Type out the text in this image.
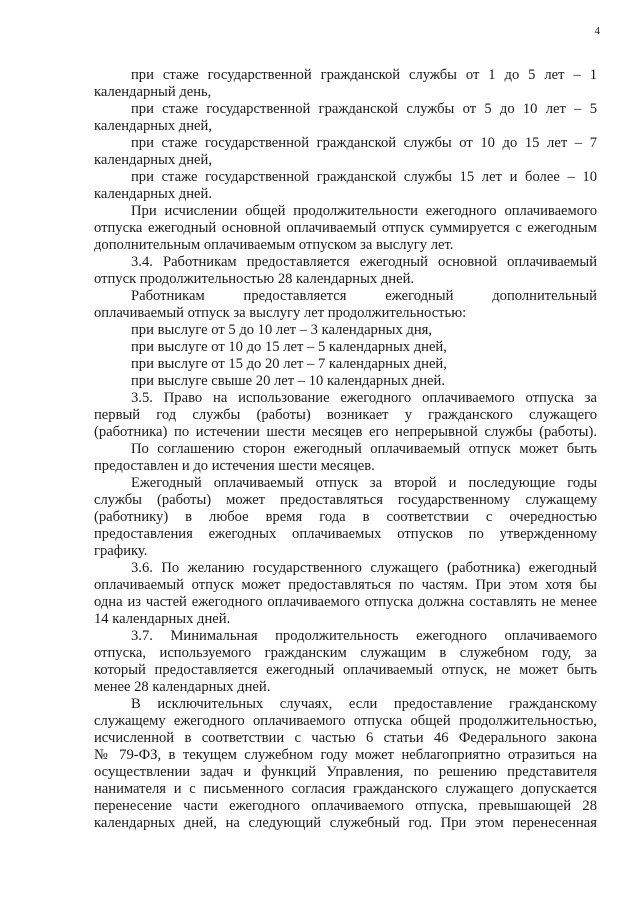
4
при стаже государственной гражданской службы от 1 до 5 лет – 1
календарный день,
при стаже государственной гражданской службы от 5 до 10 лет – 5
календарных дней,
при стаже государственной гражданской службы от 10 до 15 лет – 7
календарных дней,
при стаже государственной гражданской службы 15 лет и более – 10
календарных дней.
При исчислении общей продолжительности ежегодного оплачиваемого
отпуска ежегодный основной оплачиваемый отпуск суммируется с ежегодным
дополнительным оплачиваемым отпуском за выслугу лет.
3.4. Работникам предоставляется ежегодный основной оплачиваемый
отпуск продолжительностью 28 календарных дней.
Работникам предоставляется ежегодный дополнительный
оплачиваемый отпуск за выслугу лет продолжительностью:
при выслуге от 5 до 10 лет – 3 календарных дня,
при выслуге от 10 до 15 лет – 5 календарных дней,
при выслуге от 15 до 20 лет – 7 календарных дней,
при выслуге свыше 20 лет – 10 календарных дней.
3.5. Право на использование ежегодного оплачиваемого отпуска за
первый год службы (работы) возникает у гражданского служащего
(работника) по истечении шести месяцев его непрерывной службы (работы).
По соглашению сторон ежегодный оплачиваемый отпуск может быть
предоставлен и до истечения шести месяцев.
Ежегодный оплачиваемый отпуск за второй и последующие годы
службы (работы) может предоставляться государственному служащему
(работнику) в любое время года в соответствии с очередностью
предоставления ежегодных оплачиваемых отпусков по утвержденному
графику.
3.6. По желанию государственного служащего (работника) ежегодный
оплачиваемый отпуск может предоставляться по частям. При этом хотя бы
одна из частей ежегодного оплачиваемого отпуска должна составлять не менее
14 календарных дней.
3.7. Минимальная продолжительность ежегодного оплачиваемого
отпуска, используемого гражданским служащим в служебном году, за
который предоставляется ежегодный оплачиваемый отпуск, не может быть
менее 28 календарных дней.
В исключительных случаях, если предоставление гражданскому
служащему ежегодного оплачиваемого отпуска общей продолжительностью,
исчисленной в соответствии с частью 6 статьи 46 Федерального закона
№ 79-ФЗ, в текущем служебном году может неблагоприятно отразиться на
осуществлении задач и функций Управления, по решению представителя
нанимателя и с письменного согласия гражданского служащего допускается
перенесение части ежегодного оплачиваемого отпуска, превышающей 28
календарных дней, на следующий служебный год. При этом перенесенная
